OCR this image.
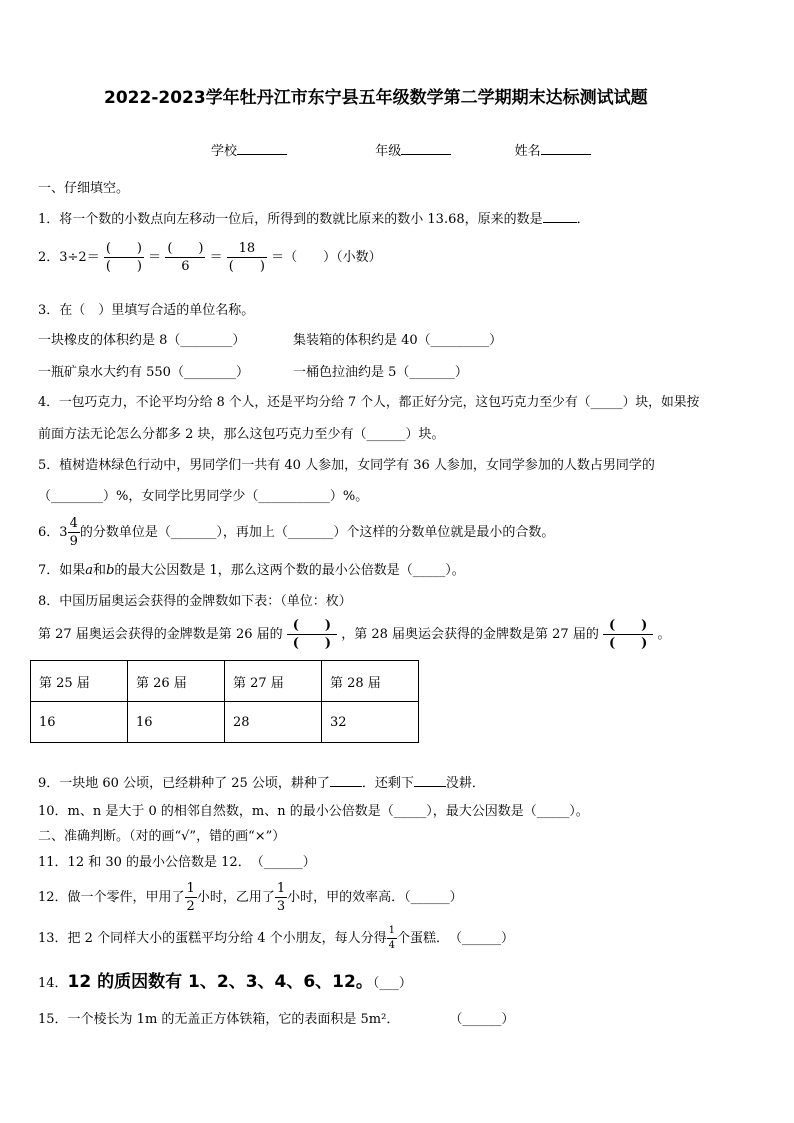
2022-2023学年牡丹江市东宁县五年级数学第二学期期末达标测试试题
学校	年级	姓名
一、仔细填空。
1．将一个数的小数点向左移动一位后，所得到的数就比原来的数小 13.68，原来的数是	．
2．$3\div 2= \frac{( )}{( )} = \frac{( )}{6} = \frac{18}{( )}$ ＝（　　）（小数）
3．在（　）里填写合适的单位名称。
一块橡皮的体积约是 8（________）	集装箱的体积约是 40（_________）
一瓶矿泉水大约有 550（________）	一桶色拉油约是 5（_______）
4．一包巧克力，不论平均分给 8 个人，还是平均分给 7 个人，都正好分完，这包巧克力至少有（_____）块，如果按
前面方法无论怎么分都多 2 块，那么这包巧克力至少有（______）块。
5．植树造林绿色行动中，男同学们一共有 40 人参加，女同学有 36 人参加，女同学参加的人数占男同学的
（________）%，女同学比男同学少（___________）%。
6．$3 \frac{4}{9}$ 的分数单位是（_______），再加上（_______）个这样的分数单位就是最小的合数。
7．如果a和b的最大公因数是 1，那么这两个数的最小公倍数是（_____）。
8．中国历届奥运会获得的金牌数如下表：（单位：枚）
第 27 届奥运会获得的金牌数是第 26 届的 $\frac{( )}{( )}$ ，第 28 届奥运会获得的金牌数是第 27 届的 $\frac{( )}{( )}$ 。
第 25 届	第 26 届	第 27 届	第 28 届
16	16	28	32
9．一块地 60 公顷，已经耕种了 25 公顷，耕种了 ．还剩下 没耕．
10．m、n 是大于 0 的相邻自然数，m、n 的最小公倍数是（_____），最大公因数是（_____）。
二、准确判断。（对的画“√”，错的画“×”）
11．12 和 30 的最小公倍数是 12．　（______）
12．做一个零件，甲用了 $\frac{1}{2}$ 小时，乙用了 $\frac{1}{3}$ 小时，甲的效率高．（______）
13．把 2 个同样大小的蛋糕平均分给 4 个小朋友，每人分得 $\frac{1}{4}$ 个蛋糕．　（______）
14．12 的质因数有 1、2、3、4、6、12。（___）
15．一个棱长为 1m 的无盖正方体铁箱，它的表面积是 5m²．	（______）
